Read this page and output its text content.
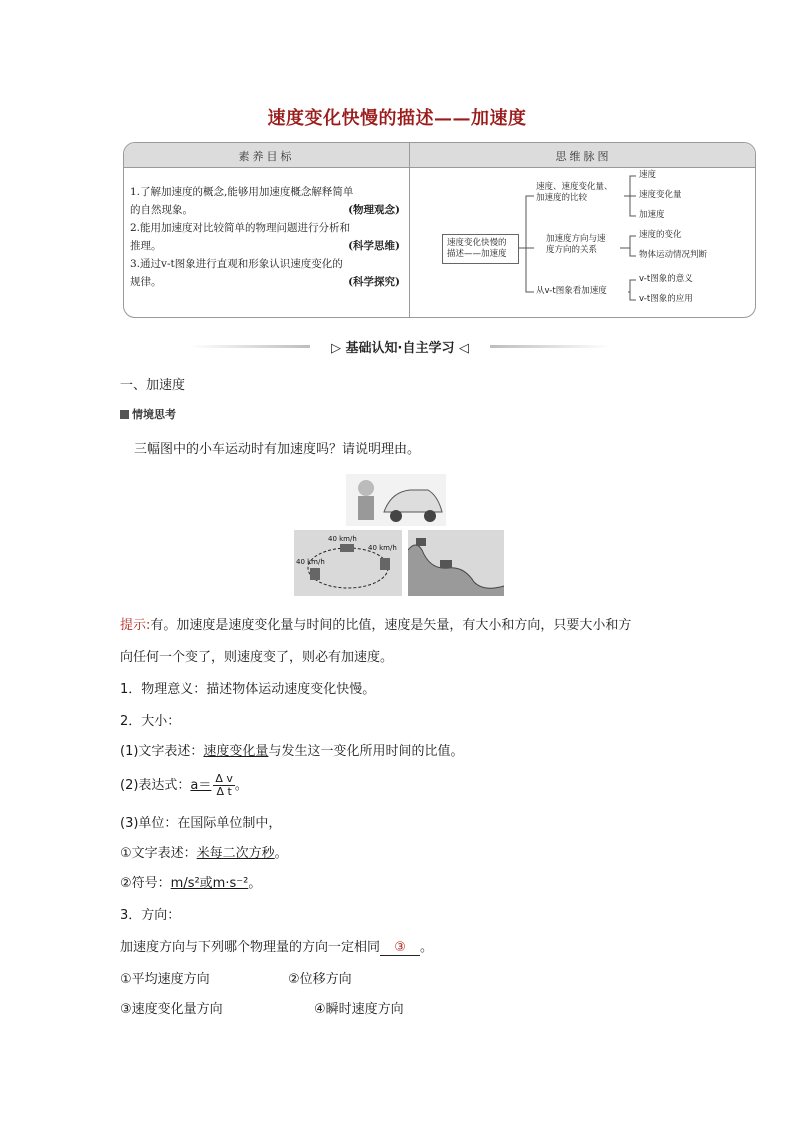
速度变化快慢的描述——加速度
素养目标	思维脉图
1.了解加速度的概念,能够用加速度概念解释简单
的自然现象。	(物理观念)
2.能用加速度对比较简单的物理问题进行分析和
推理。	(科学思维)
3.通过v-t图象进行直观和形象认识速度变化的
规律。	(科学探究)
速度变化快慢的
描述——加速度
速度、速度变化量、
加速度的比较
加速度方向与速
度方向的关系
从v-t图象看加速度
速度
速度变化量
加速度
速度的变化
物体运动情况判断
v-t图象的意义
v-t图象的应用
▷ 基础认知·自主学习 ◁
一、加速度
情境思考
三幅图中的小车运动时有加速度吗？请说明理由。
40 km/h
40 km/h
40 km/h
提示:有。加速度是速度变化量与时间的比值，速度是矢量，有大小和方向，只要大小和方
向任何一个变了，则速度变了，则必有加速度。
1．物理意义：描述物体运动速度变化快慢。
2．大小：
(1)文字表述：速度变化量与发生这一变化所用时间的比值。
(2)表达式：$a= \frac{\text{Δ v}}{\text{Δ t}}$ 。
(3)单位：在国际单位制中，
①文字表述：米每二次方秒。
②符号：m/s²或m·s⁻²。
3．方向：
加速度方向与下列哪个物理量的方向一定相同 ③ 。
①平均速度方向	②位移方向
③速度变化量方向	④瞬时速度方向
